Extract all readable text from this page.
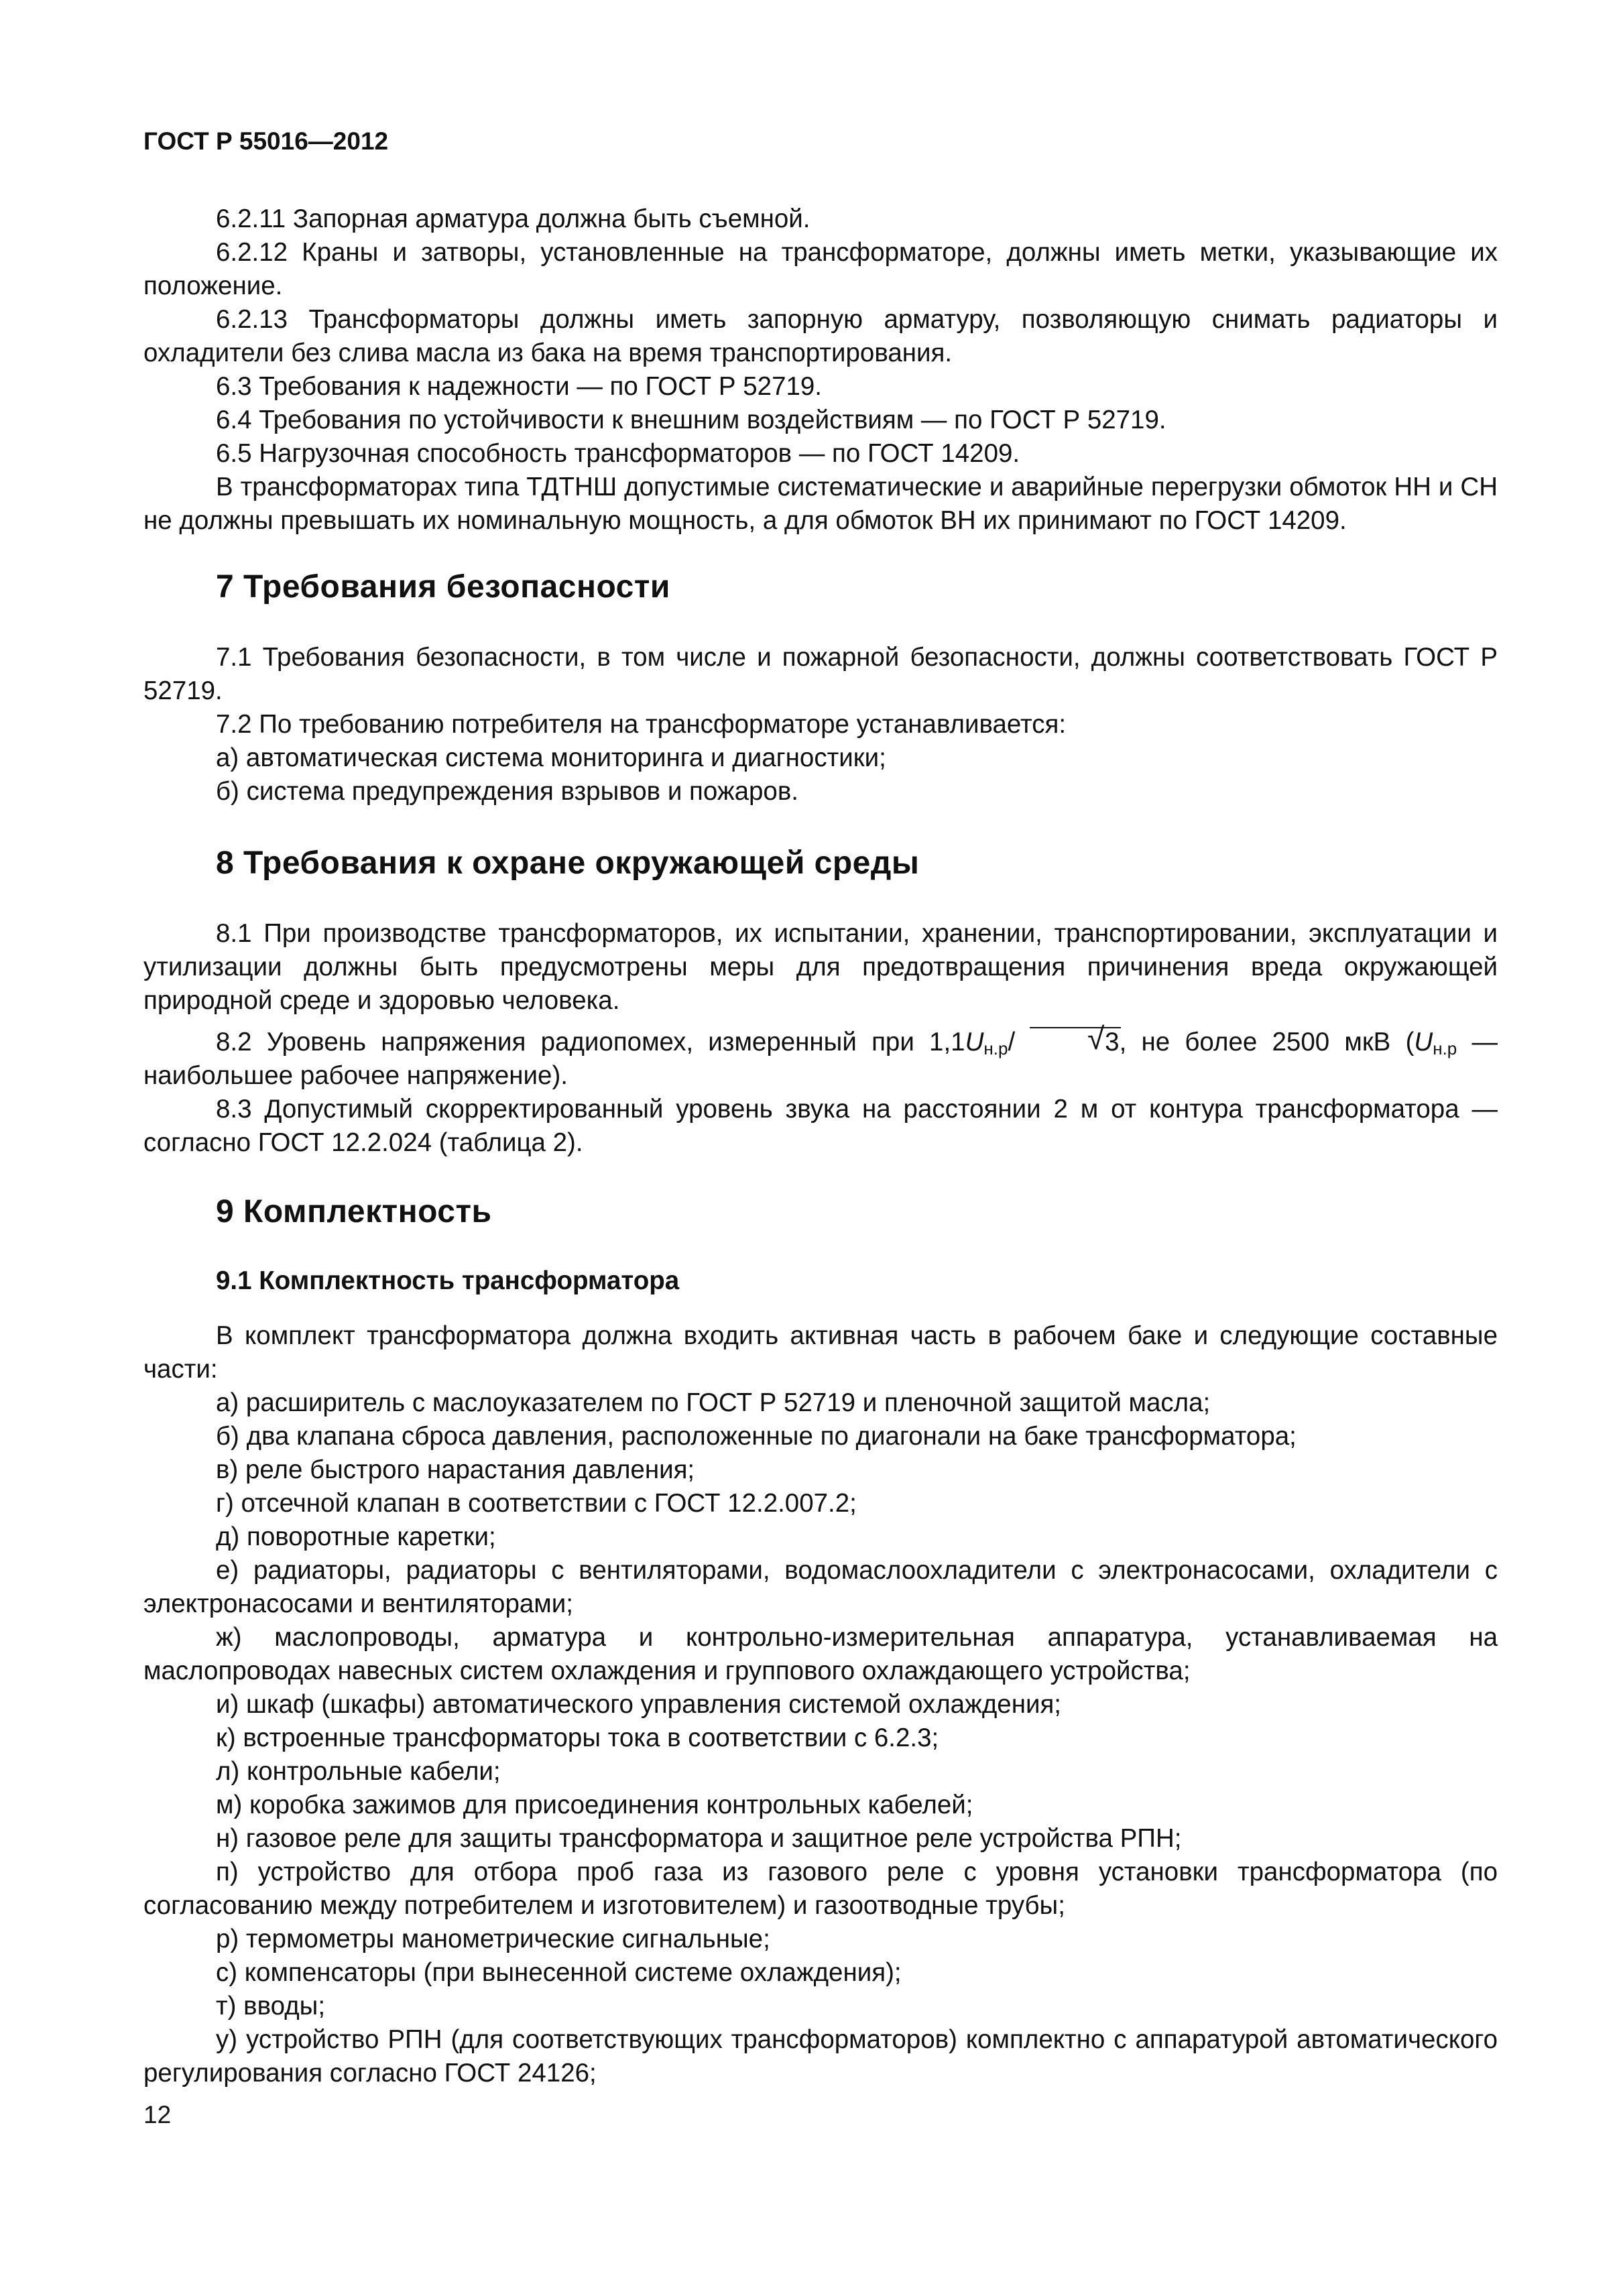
ГОСТ Р 55016—2012

6.2.11 Запорная арматура должна быть съемной.

6.2.12 Краны и затворы, установленные на трансформаторе, должны иметь метки, указывающие их положение.

6.2.13 Трансформаторы должны иметь запорную арматуру, позволяющую снимать радиаторы и охладители без слива масла из бака на время транспортирования.

6.3 Требования к надежности — по ГОСТ Р 52719.

6.4 Требования по устойчивости к внешним воздействиям — по ГОСТ Р 52719.

6.5 Нагрузочная способность трансформаторов — по ГОСТ 14209.

В трансформаторах типа ТДТНШ допустимые систематические и аварийные перегрузки обмоток НН и СН не должны превышать их номинальную мощность, а для обмоток ВН их принимают по ГОСТ 14209.

7 Требования безопасности

7.1 Требования безопасности, в том числе и пожарной безопасности, должны соответствовать ГОСТ Р 52719.

7.2 По требованию потребителя на трансформаторе устанавливается:

а) автоматическая система мониторинга и диагностики;

б) система предупреждения взрывов и пожаров.

8 Требования к охране окружающей среды

8.1 При производстве трансформаторов, их испытании, хранении, транспортировании, эксплуатации и утилизации должны быть предусмотрены меры для предотвращения причинения вреда окружающей природной среде и здоровью человека.

8.2 Уровень напряжения радиопомех, измеренный при $1,1U_{н.р}/$	√ 3, не более 2500 мкВ ($U_{н.р}$ — наибольшее рабочее напряжение).

8.3 Допустимый скорректированный уровень звука на расстоянии 2 м от контура трансформатора — согласно ГОСТ 12.2.024 (таблица 2).

9 Комплектность
9.1 Комплектность трансформатора

В комплект трансформатора должна входить активная часть в рабочем баке и следующие составные части:

а) расширитель с маслоуказателем по ГОСТ Р 52719 и пленочной защитой масла;

б) два клапана сброса давления, расположенные по диагонали на баке трансформатора;

в) реле быстрого нарастания давления;

г) отсечной клапан в соответствии с ГОСТ 12.2.007.2;

д) поворотные каретки;

е) радиаторы, радиаторы с вентиляторами, водомаслоохладители с электронасосами, охладители с электронасосами и вентиляторами;

ж) маслопроводы, арматура и контрольно-измерительная аппаратура, устанавливаемая на маслопроводах навесных систем охлаждения и группового охлаждающего устройства;

и) шкаф (шкафы) автоматического управления системой охлаждения;

к) встроенные трансформаторы тока в соответствии с 6.2.3;

л) контрольные кабели;

м) коробка зажимов для присоединения контрольных кабелей;

н) газовое реле для защиты трансформатора и защитное реле устройства РПН;

п) устройство для отбора проб газа из газового реле с уровня установки трансформатора (по согласованию между потребителем и изготовителем) и газоотводные трубы;

р) термометры манометрические сигнальные;

с) компенсаторы (при вынесенной системе охлаждения);

т) вводы;

у) устройство РПН (для соответствующих трансформаторов) комплектно с аппаратурой автоматического регулирования согласно ГОСТ 24126;

12
